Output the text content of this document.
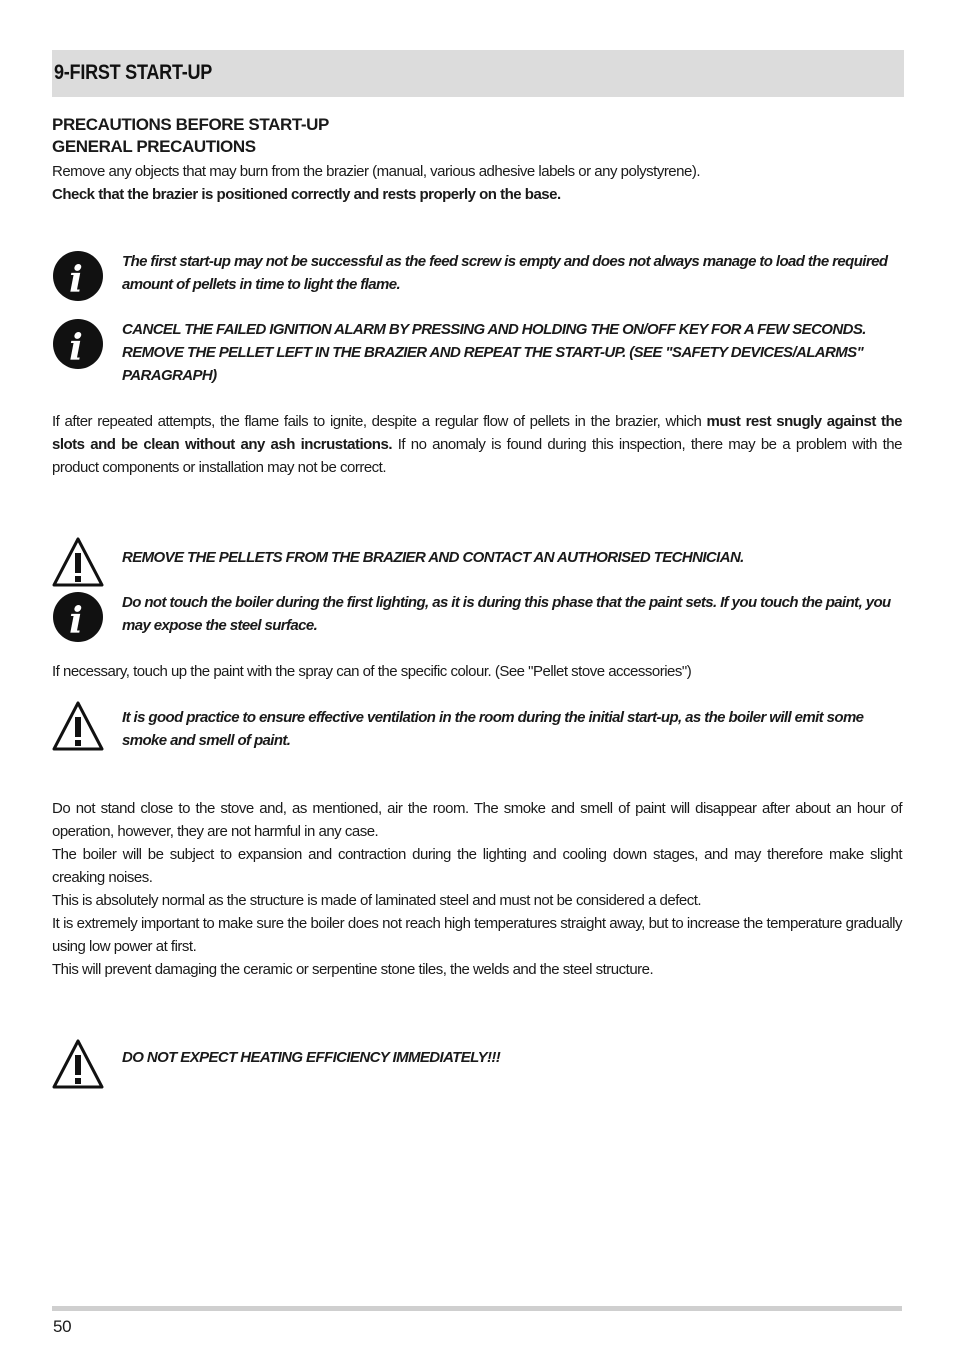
9-FIRST START-UP
PRECAUTIONS BEFORE START-UP
GENERAL PRECAUTIONS
Remove any objects that may burn from the brazier (manual, various adhesive labels or any polystyrene).
Check that the brazier is positioned correctly and rests properly on the base.
i	The first start-up may not be successful as the feed screw is empty and does not always manage to load the required amount of pellets in time to light the flame.
i	CANCEL THE FAILED IGNITION ALARM BY PRESSING AND HOLDING THE ON/OFF KEY FOR A FEW SECONDS. REMOVE THE PELLET LEFT IN THE BRAZIER AND REPEAT THE START-UP. (SEE "SAFETY DEVICES/ALARMS" PARAGRAPH)
If after repeated attempts, the flame fails to ignite, despite a regular flow of pellets in the brazier, which must rest snugly against the slots and be clean without any ash incrustations. If no anomaly is found during this inspection, there may be a problem with the product components or installation may not be correct.
REMOVE THE PELLETS FROM THE BRAZIER AND CONTACT AN AUTHORISED TECHNICIAN.
i	Do not touch the boiler during the first lighting, as it is during this phase that the paint sets. If you touch the paint, you may expose the steel surface.
If necessary, touch up the paint with the spray can of the specific colour. (See "Pellet stove accessories")
It is good practice to ensure effective ventilation in the room during the initial start-up, as the boiler will emit some smoke and smell of paint.
Do not stand close to the stove and, as mentioned, air the room. The smoke and smell of paint will disappear after about an hour of operation, however, they are not harmful in any case.
The boiler will be subject to expansion and contraction during the lighting and cooling down stages, and may therefore make slight creaking noises.
This is absolutely normal as the structure is made of laminated steel and must not be considered a defect.
It is extremely important to make sure the boiler does not reach high temperatures straight away, but to increase the temperature gradually using low power at first.
This will prevent damaging the ceramic or serpentine stone tiles, the welds and the steel structure.
DO NOT EXPECT HEATING EFFICIENCY IMMEDIATELY!!!
50
